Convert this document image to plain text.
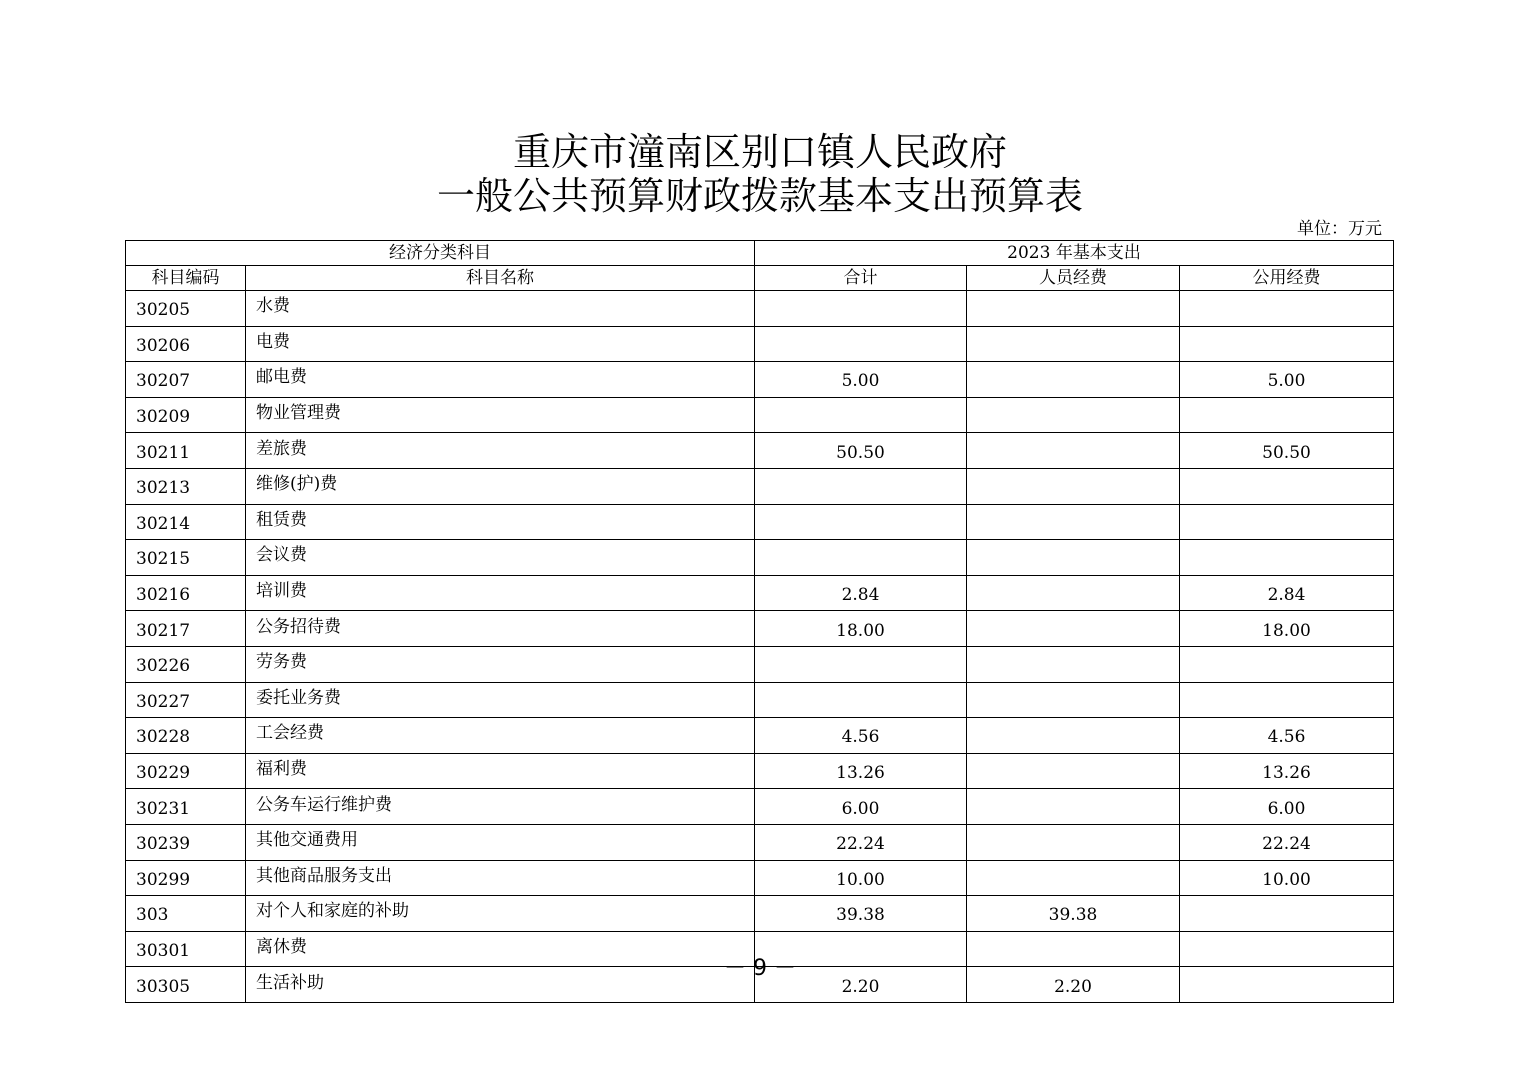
重庆市潼南区别口镇人民政府
一般公共预算财政拨款基本支出预算表
单位：万元
经济分类科目		2023 年基本支出		
科目编码	科目名称	合计	人员经费	公用经费
30205	水费			
30206	电费			
30207	邮电费	5.00		5.00
30209	物业管理费			
30211	差旅费	50.50		50.50
30213	维修(护)费			
30214	租赁费			
30215	会议费			
30216	培训费	2.84		2.84
30217	公务招待费	18.00		18.00
30226	劳务费			
30227	委托业务费			
30228	工会经费	4.56		4.56
30229	福利费	13.26		13.26
30231	公务车运行维护费	6.00		6.00
30239	其他交通费用	22.24		22.24
30299	其他商品服务支出	10.00		10.00
303	对个人和家庭的补助	39.38	39.38	
30301	离休费			
30305	生活补助	2.20	2.20	
－ 9 －
